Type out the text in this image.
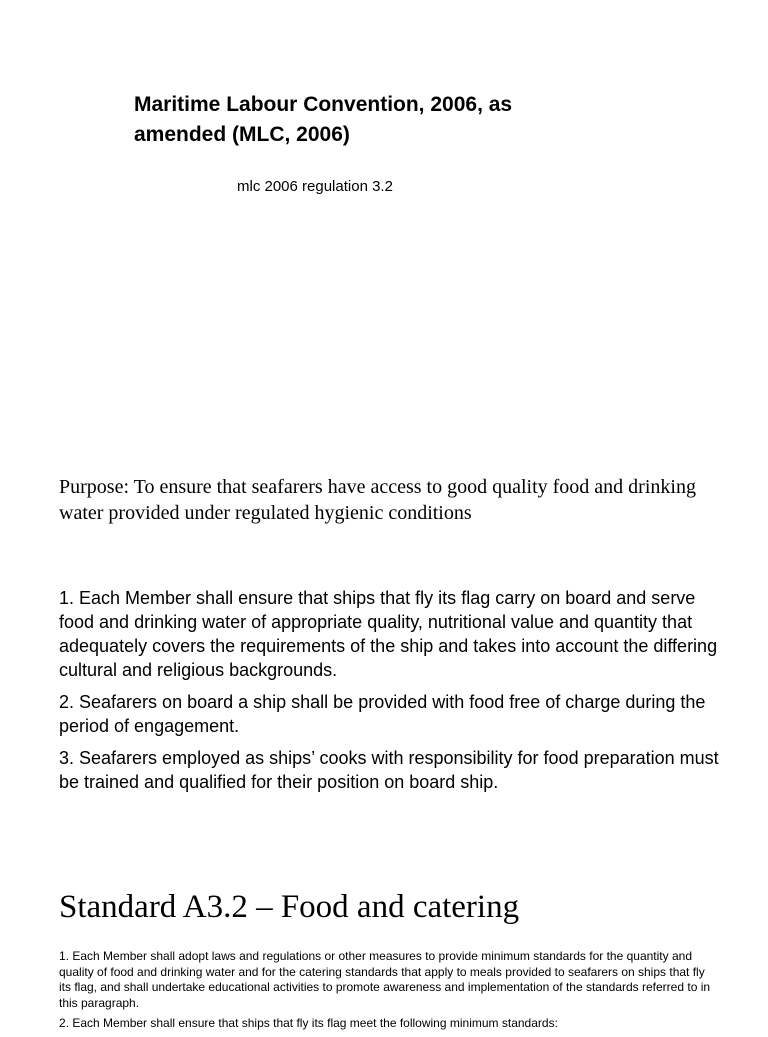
Maritime Labour Convention, 2006, as amended (MLC, 2006)

mlc 2006 regulation 3.2

Purpose: To ensure that seafarers have access to good quality food and drinking water provided under regulated hygienic conditions

1. Each Member shall ensure that ships that fly its flag carry on board and serve food and drinking water of appropriate quality, nutritional value and quantity that adequately covers the requirements of the ship and takes into account the differing cultural and religious backgrounds.
2. Seafarers on board a ship shall be provided with food free of charge during the period of engagement.
3. Seafarers employed as ships’ cooks with responsibility for food preparation must be trained and qualified for their position on board ship.
Standard A3.2 – Food and catering
1. Each Member shall adopt laws and regulations or other measures to provide minimum standards for the quantity and quality of food and drinking water and for the catering standards that apply to meals provided to seafarers on ships that fly its flag, and shall undertake educational activities to promote awareness and implementation of the standards referred to in this paragraph.
2. Each Member shall ensure that ships that fly its flag meet the following minimum standards:
